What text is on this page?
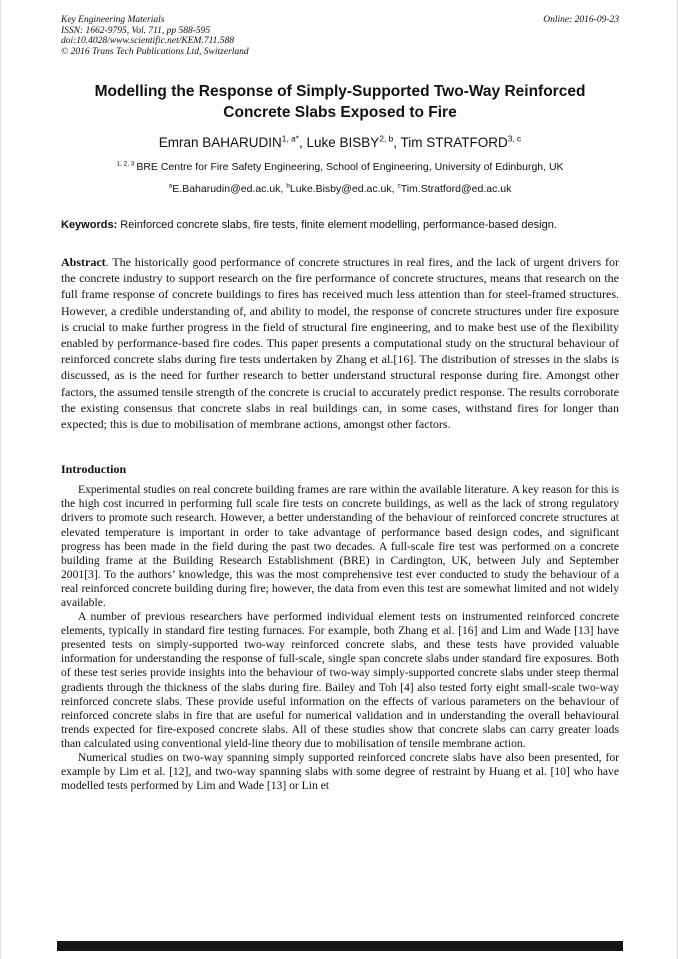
Key Engineering Materials
ISSN: 1662-9795, Vol. 711, pp 588-595
doi:10.4028/www.scientific.net/KEM.711.588
© 2016 Trans Tech Publications Ltd, Switzerland
Online: 2016-09-23
Modelling the Response of Simply-Supported Two-Way Reinforced
Concrete Slabs Exposed to Fire
Emran $BAHARUDIN^{1, a*}$, Luke BISBY$^{2, b}$, Tim STRATFORD$^{3, c}$
$^{1, 2, 3}$ BRE Centre for Fire Safety Engineering, School of Engineering, University of Edinburgh, UK
$^a$E.Baharudin@ed.ac.uk, $^b$Luke.Bisby@ed.ac.uk, $^c$Tim.Stratford@ed.ac.uk
Keywords: Reinforced concrete slabs, fire tests, finite element modelling, performance-based design.
Abstract. The historically good performance of concrete structures in real fires, and the lack of urgent drivers for the concrete industry to support research on the fire performance of concrete structures, means that research on the full frame response of concrete buildings to fires has received much less attention than for steel-framed structures. However, a credible understanding of, and ability to model, the response of concrete structures under fire exposure is crucial to make further progress in the field of structural fire engineering, and to make best use of the flexibility enabled by performance-based fire codes. This paper presents a computational study on the structural behaviour of reinforced concrete slabs during fire tests undertaken by Zhang et al.[16]. The distribution of stresses in the slabs is discussed, as is the need for further research to better understand structural response during fire. Amongst other factors, the assumed tensile strength of the concrete is crucial to accurately predict response. The results corroborate the existing consensus that concrete slabs in real buildings can, in some cases, withstand fires for longer than expected; this is due to mobilisation of membrane actions, amongst other factors.
Introduction

Experimental studies on real concrete building frames are rare within the available literature. A key reason for this is the high cost incurred in performing full scale fire tests on concrete buildings, as well as the lack of strong regulatory drivers to promote such research. However, a better understanding of the behaviour of reinforced concrete structures at elevated temperature is important in order to take advantage of performance based design codes, and significant progress has been made in the field during the past two decades. A full-scale fire test was performed on a concrete building frame at the Building Research Establishment (BRE) in Cardington, UK, between July and September 2001[3]. To the authors’ knowledge, this was the most comprehensive test ever conducted to study the behaviour of a real reinforced concrete building during fire; however, the data from even this test are somewhat limited and not widely available.

A number of previous researchers have performed individual element tests on instrumented reinforced concrete elements, typically in standard fire testing furnaces. For example, both Zhang et al. [16] and Lim and Wade [13] have presented tests on simply-supported two-way reinforced concrete slabs, and these tests have provided valuable information for understanding the response of full-scale, single span concrete slabs under standard fire exposures. Both of these test series provide insights into the behaviour of two-way simply-supported concrete slabs under steep thermal gradients through the thickness of the slabs during fire. Bailey and Toh [4] also tested forty eight small-scale two-way reinforced concrete slabs. These provide useful information on the effects of various parameters on the behaviour of reinforced concrete slabs in fire that are useful for numerical validation and in understanding the overall behavioural trends expected for fire-exposed concrete slabs. All of these studies show that concrete slabs can carry greater loads than calculated using conventional yield-line theory due to mobilisation of tensile membrane action.

Numerical studies on two-way spanning simply supported reinforced concrete slabs have also been presented, for example by Lim et al. [12], and two-way spanning slabs with some degree of restraint by Huang et al. [10] who have modelled tests performed by Lim and Wade [13] or Lin et
